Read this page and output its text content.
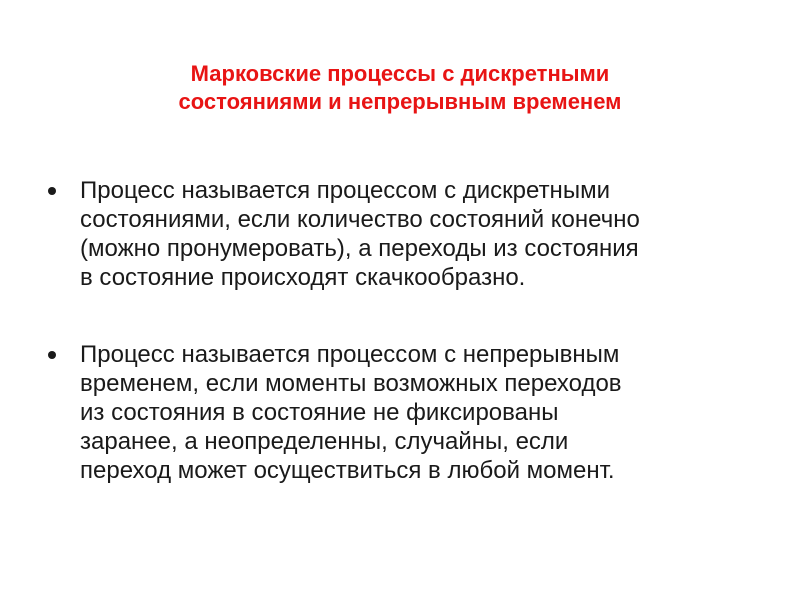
Марковские процессы с дискретными
состояниями и непрерывным временем
Процесс называется процессом с дискретными
состояниями, если количество состояний конечно
(можно пронумеровать), а переходы из состояния
в состояние происходят скачкообразно.
Процесс называется процессом с непрерывным
временем, если моменты возможных переходов
из состояния в состояние не фиксированы
заранее, а неопределенны, случайны, если
переход может осуществиться в любой момент.
